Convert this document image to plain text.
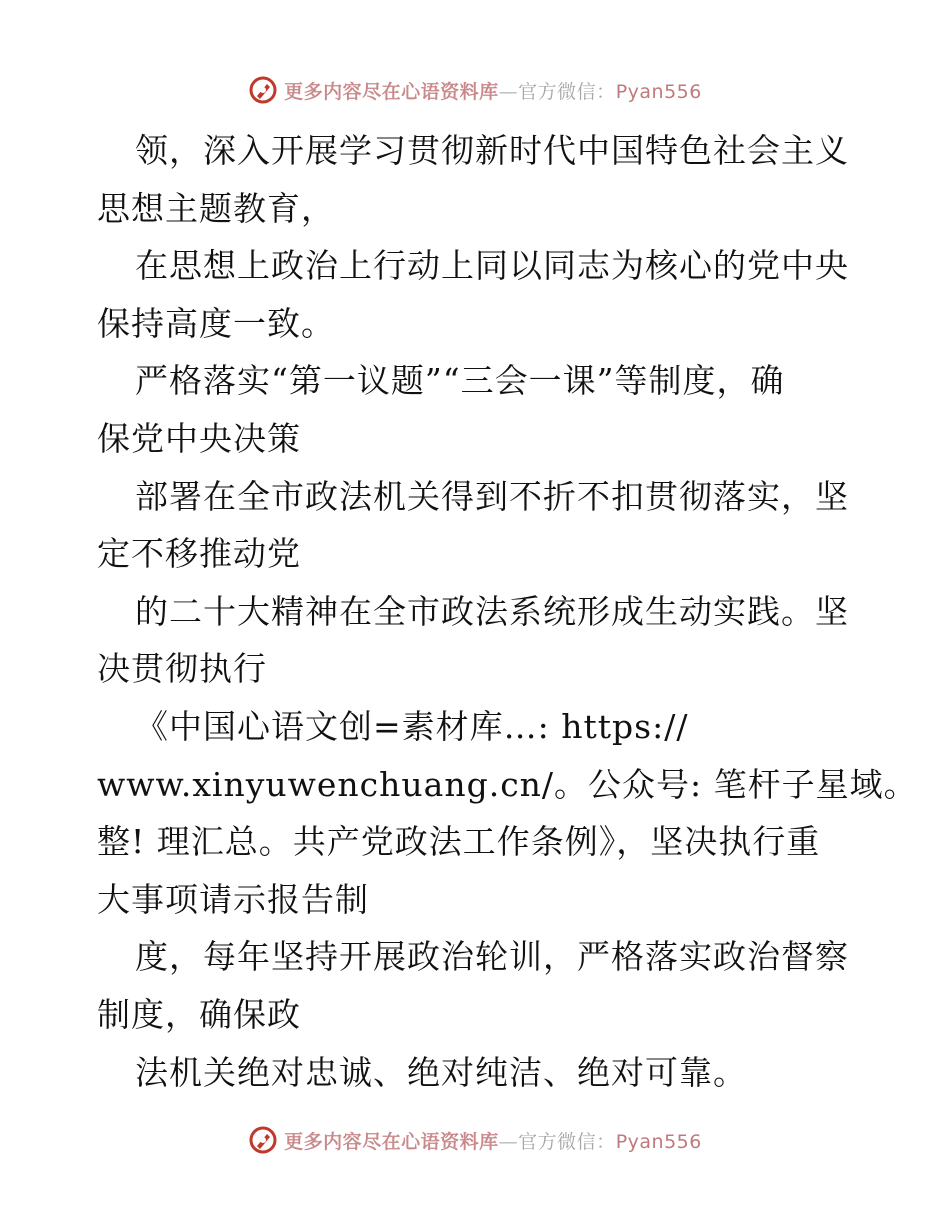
更多内容尽在心语资料库—官方微信：Pyan556
领，深入开展学习贯彻新时代中国特色社会主义
思想主题教育，
在思想上政治上行动上同以同志为核心的党中央
保持高度一致。
严格落实“第一议题”“三会一课”等制度，确
保党中央决策
部署在全市政法机关得到不折不扣贯彻落实，坚
定不移推动党
的二十大精神在全市政法系统形成生动实践。坚
决贯彻执行
《中国心语文创=素材库…: https://
www.xinyuwenchuang.cn/。公众号: 笔杆子星域。
整! 理汇总。共产党政法工作条例》，坚决执行重
大事项请示报告制
度，每年坚持开展政治轮训，严格落实政治督察
制度，确保政
法机关绝对忠诚、绝对纯洁、绝对可靠。
更多内容尽在心语资料库—官方微信：Pyan556
